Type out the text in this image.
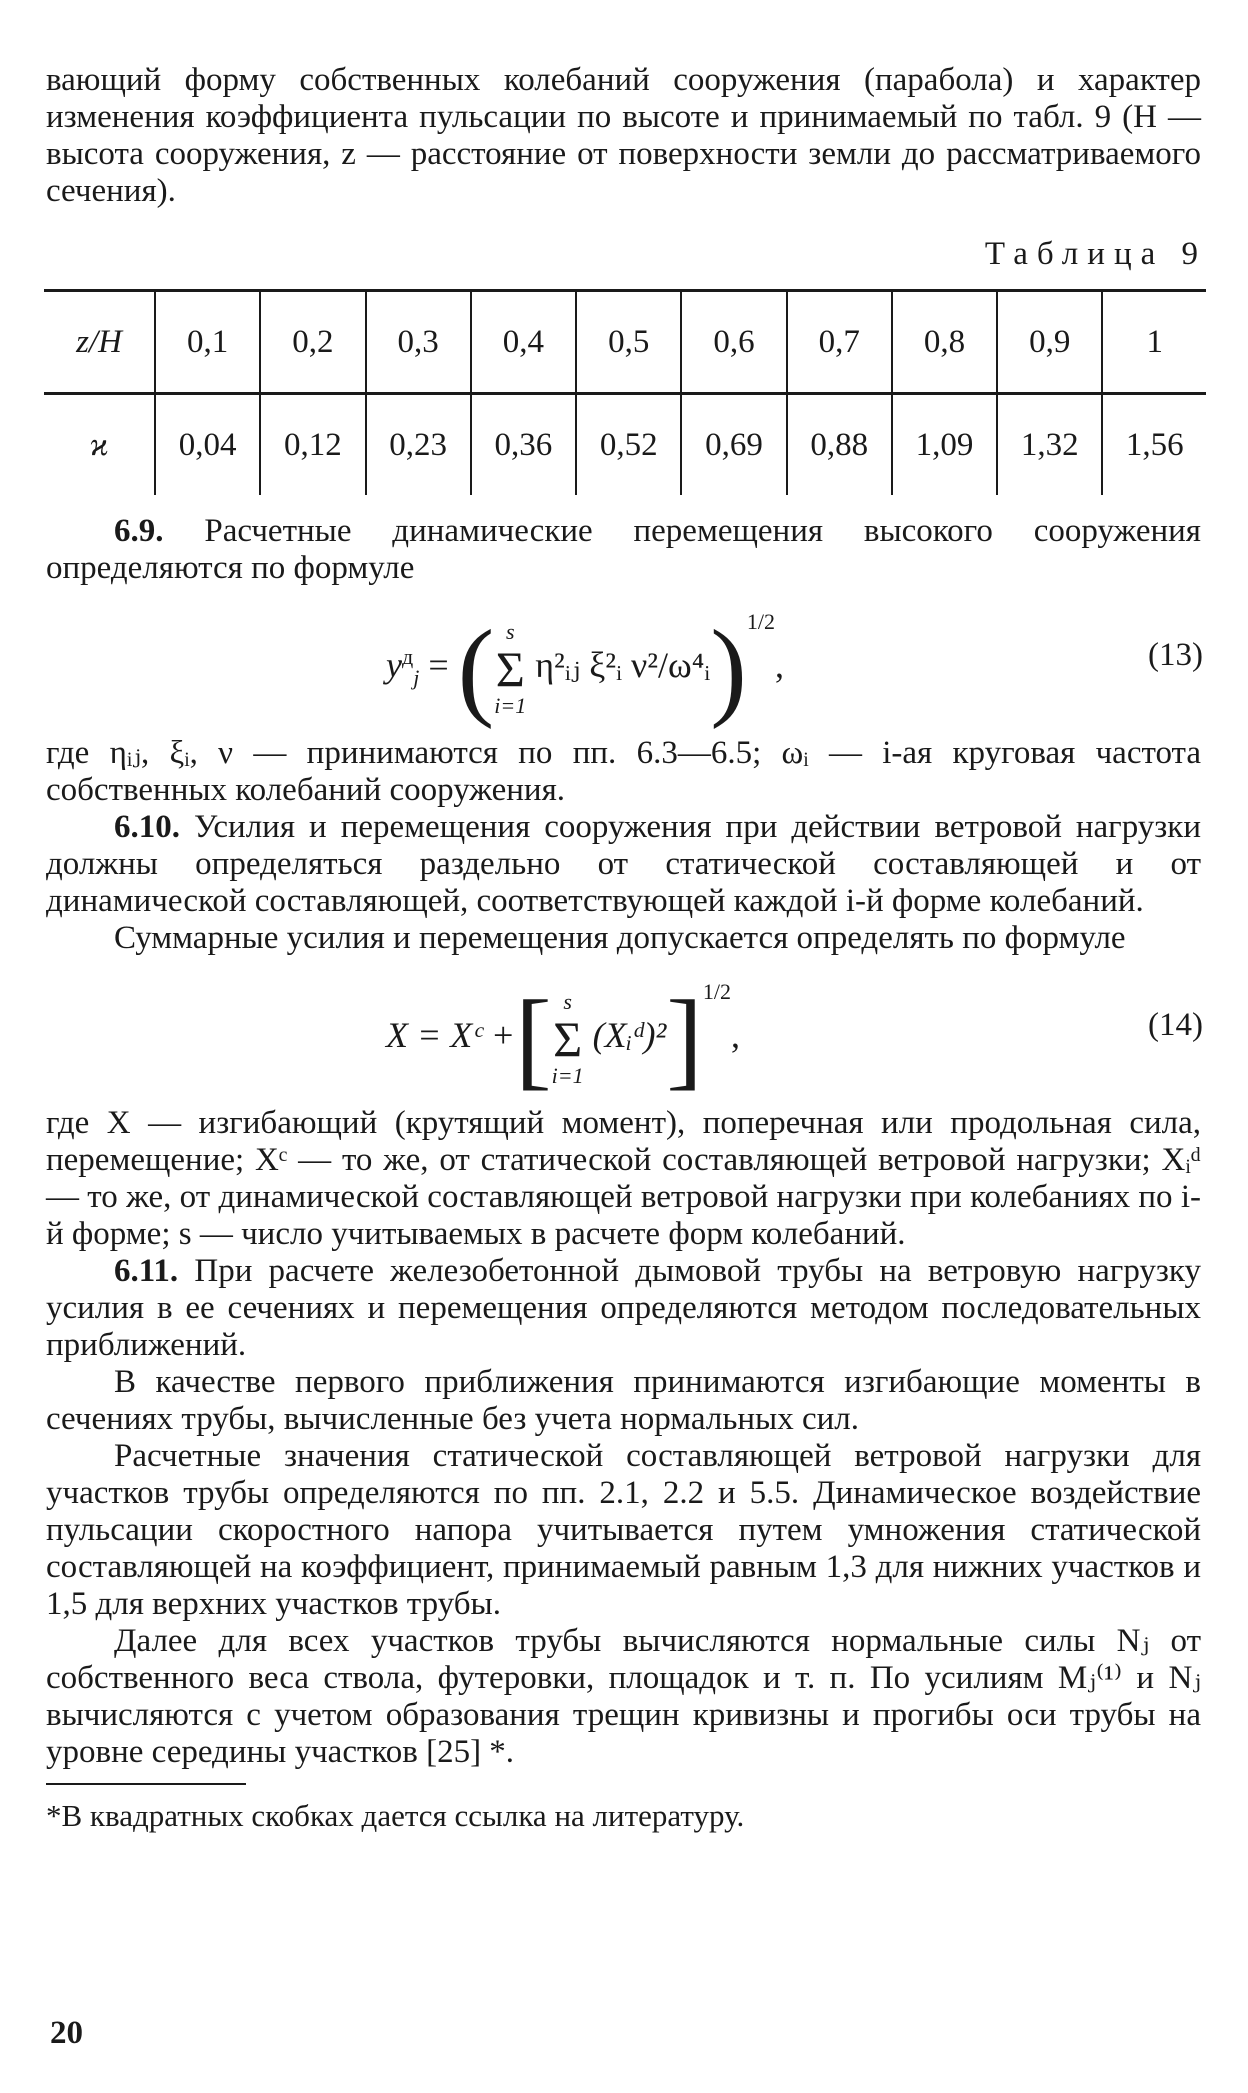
вающий форму собственных колебаний сооружения (парабола) и характер изменения коэффициента пульсации по высоте и принимаемый по табл. 9 (H — высота сооружения, z — расстояние от поверхности земли до рассматриваемого сечения).

Таблица 9
z/H	0,1	0,2	0,3	0,4	0,5	0,6	0,7	0,8	0,9	1
ϰ	0,04	0,12	0,23	0,36	0,52	0,69	0,88	1,09	1,32	1,56

6.9. Расчетные динамические перемещения высокого сооружения определяются по формуле

$y^д_j$ = ( s
Σ
i=1
η²ᵢⱼ ξ²ᵢ ν²/ω⁴ᵢ)$^{1/2}$,	(13)

где ηᵢⱼ, ξᵢ, ν — принимаются по пп. 6.3—6.5; ωᵢ — i-ая круговая частота собственных колебаний сооружения.

6.10. Усилия и перемещения сооружения при действии ветровой нагрузки должны определяться раздельно от статической составляющей и от динамической составляющей, соответствующей каждой і-й форме колебаний.

Суммарные усилия и перемещения допускается определять по формуле

X = Xᶜ +[ s
Σ
i=1
(Xᵢᵈ)²]$^{1/2}$,	(14)

где X — изгибающий (крутящий момент), поперечная или продольная сила, перемещение; Xᶜ — то же, от статической составляющей ветровой нагрузки; Xᵢᵈ — то же, от динамической составляющей ветровой нагрузки при колебаниях по i-й форме; s — число учитываемых в расчете форм колебаний.

6.11. При расчете железобетонной дымовой трубы на ветровую нагрузку усилия в ее сечениях и перемещения определяются методом последовательных приближений.

В качестве первого приближения принимаются изгибающие моменты в сечениях трубы, вычисленные без учета нормальных сил.

Расчетные значения статической составляющей ветровой нагрузки для участков трубы определяются по пп. 2.1, 2.2 и 5.5. Динамическое воздействие пульсации скоростного напора учитывается путем умножения статической составляющей на коэффициент, принимаемый равным 1,3 для нижних участков и 1,5 для верхних участков трубы.

Далее для всех участков трубы вычисляются нормальные силы Nⱼ от собственного веса ствола, футеровки, площадок и т. п. По усилиям Mⱼ⁽¹⁾ и Nⱼ вычисляются с учетом образования трещин кривизны и прогибы оси трубы на уровне середины участков [25] *.

*В квадратных скобках дается ссылка на литературу.

20
